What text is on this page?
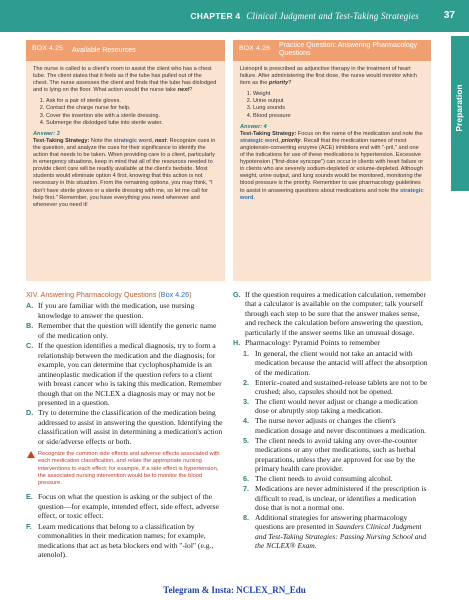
CHAPTER 4 Clinical Judgment and Test-Taking Strategies 37
Preparation
BOX 4.25 Available Resources

The nurse is called to a client's room to assist the client who has a chest tube. The client states that it feels as if the tube has pulled out of the chest. The nurse assesses the client and finds that the tube has dislodged and is lying on the floor. What action would the nurse take next?

1. Ask for a pair of sterile gloves.
2. Contact the charge nurse for help.
3. Cover the insertion site with a sterile dressing.
4. Submerge the dislodged tube into sterile water.
Answer: 3

Test-Taking Strategy: Note the strategic word, next. Recognize cues in the question, and analyze the cues for their significance to identify the action that needs to be taken. When providing care to a client, particularly in emergency situations, keep in mind that all of the resources needed to provide client care will be readily available at the client's bedside. Most students would eliminate option 4 first, knowing that this action is not necessary in this situation. From the remaining options, you may think, "I don't have sterile gloves or a sterile dressing with me, so let me call for help first." Remember, you have everything you need wherever and whenever you need it!

BOX 4.26 Practice Question: Answering Pharmacology Questions

Lisinopril is prescribed as adjunctive therapy in the treatment of heart failure. After administering the first dose, the nurse would monitor which item as the priority?

1. Weight
2. Urine output
3. Lung sounds
4. Blood pressure
Answer: 4

Test-Taking Strategy: Focus on the name of the medication and note the strategic word, priority. Recall that the medication names of most angiotensin-converting enzyme (ACE) inhibitors end with "-pril," and one of the indications for use of these medications is hypertension. Excessive hypotension ("first-dose syncope") can occur in clients with heart failure or in clients who are severely sodium-depleted or volume-depleted. Although weight, urine output, and lung sounds would be monitored, monitoring the blood pressure is the priority. Remember to use pharmacology guidelines to assist in answering questions about medications and note the strategic word.

XIV. Answering Pharmacology Questions (Box 4.26)

A. If you are familiar with the medication, use nursing knowledge to answer the question.

B. Remember that the question will identify the generic name of the medication only.

C. If the question identifies a medical diagnosis, try to form a relationship between the medication and the diagnosis; for example, you can determine that cyclophosphamide is an antineoplastic medication if the question refers to a client with breast cancer who is taking this medication. Remember though that on the NCLEX a diagnosis may or may not be presented in a question.

D. Try to determine the classification of the medication being addressed to assist in answering the question. Identifying the classification will assist in determining a medication's action or side/adverse effects or both.

Recognize the common side effects and adverse effects associated with each medication classification, and relate the appropriate nursing interventions to each effect; for example, if a side effect is hypertension, the associated nursing intervention would be to monitor the blood pressure.

E. Focus on what the question is asking or the subject of the question—for example, intended effect, side effect, adverse effect, or toxic effect.

F. Learn medications that belong to a classification by commonalities in their medication names; for example, medications that act as beta blockers end with "-lol" (e.g., atenolol).

G. If the question requires a medication calculation, remember that a calculator is available on the computer; talk yourself through each step to be sure that the answer makes sense, and recheck the calculation before answering the question, particularly if the answer seems like an unusual dosage.

H. Pharmacology: Pyramid Points to remember

1. In general, the client would not take an antacid with medication because the antacid will affect the absorption of the medication.

2. Enteric-coated and sustained-release tablets are not to be crushed; also, capsules should not be opened.

3. The client would never adjust or change a medication dose or abruptly stop taking a medication.

4. The nurse never adjusts or changes the client's medication dosage and never discontinues a medication.

5. The client needs to avoid taking any over-the-counter medications or any other medications, such as herbal preparations, unless they are approved for use by the primary health care provider.

6. The client needs to avoid consuming alcohol.

7. Medications are never administered if the prescription is difficult to read, is unclear, or identifies a medication dose that is not a normal one.

8. Additional strategies for answering pharmacology questions are presented in Saunders Clinical Judgment and Test-Taking Strategies: Passing Nursing School and the NCLEX® Exam.

Telegram & Insta: NCLEX_RN_Edu
